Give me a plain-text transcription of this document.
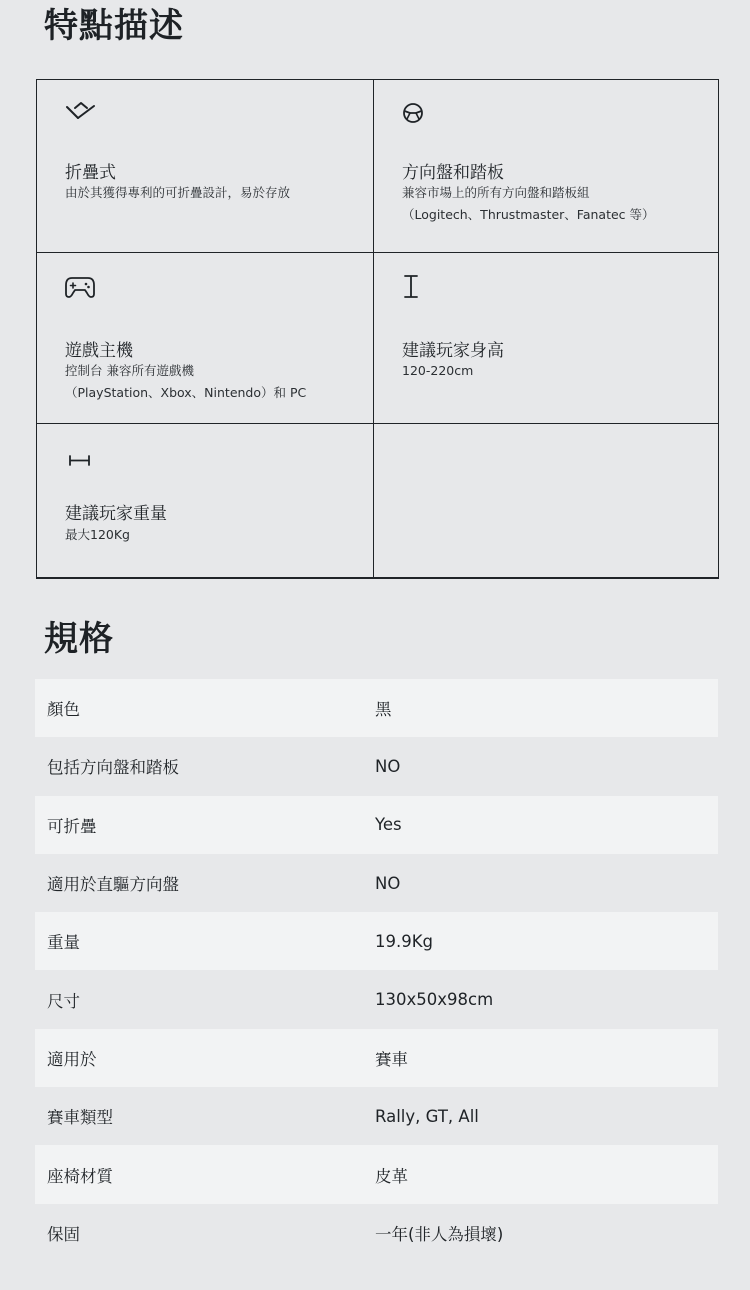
特點描述
折疊式
由於其獲得專利的可折疊設計，易於存放
方向盤和踏板
兼容市場上的所有方向盤和踏板組
（Logitech、Thrustmaster、Fanatec 等）
遊戲主機
控制台 兼容所有遊戲機
（PlayStation、Xbox、Nintendo）和 PC
建議玩家身高
120-220cm
建議玩家重量
最大120Kg
規格
顏色	黑
包括方向盤和踏板	NO
可折疊	Yes
適用於直驅方向盤	NO
重量	19.9Kg
尺寸	130x50x98cm
適用於	賽車
賽車類型	Rally, GT, All
座椅材質	皮革
保固	一年(非人為損壞)
